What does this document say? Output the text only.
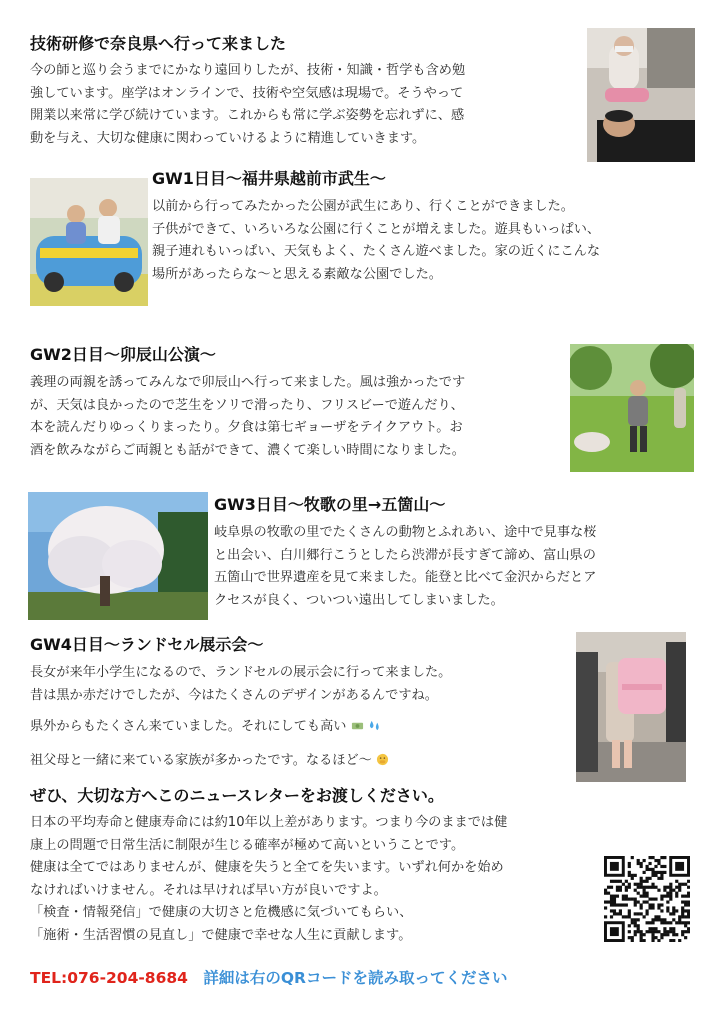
技術研修で奈良県へ行って来ました
今の師と巡り会うまでにかなり遠回りしたが、技術・知識・哲学も含め勉
強しています。座学はオンラインで、技術や空気感は現場で。そうやって
開業以来常に学び続けています。これからも常に学ぶ姿勢を忘れずに、感
動を与え、大切な健康に関わっていけるように精進していきます。
GW1日目〜福井県越前市武生〜
以前から行ってみたかった公園が武生にあり、行くことができました。
子供ができて、いろいろな公園に行くことが増えました。遊具もいっぱい、
親子連れもいっぱい、天気もよく、たくさん遊べました。家の近くにこんな
場所があったらな〜と思える素敵な公園でした。
GW2日目〜卯辰山公演〜
義理の両親を誘ってみんなで卯辰山へ行って来ました。風は強かったです
が、天気は良かったので芝生をソリで滑ったり、フリスビーで遊んだり、
本を読んだりゆっくりまったり。夕食は第七ギョーザをテイクアウト。お
酒を飲みながらご両親とも話ができて、濃くて楽しい時間になりました。
GW3日目〜牧歌の里→五箇山〜
岐阜県の牧歌の里でたくさんの動物とふれあい、途中で見事な桜
と出会い、白川郷行こうとしたら渋滞が長すぎて諦め、富山県の
五箇山で世界遺産を見て来ました。能登と比べて金沢からだとア
クセスが良く、ついつい遠出してしまいました。
GW4日目〜ランドセル展示会〜
長女が来年小学生になるので、ランドセルの展示会に行って来ました。
昔は黒か赤だけでしたが、今はたくさんのデザインがあるんですね。
県外からもたくさん来ていました。それにしても高い
祖父母と一緒に来ている家族が多かったです。なるほど〜
ぜひ、大切な方へこのニュースレターをお渡しください。
日本の平均寿命と健康寿命には約10年以上差があります。つまり今のままでは健
康上の問題で日常生活に制限が生じる確率が極めて高いということです。
健康は全てではありませんが、健康を失うと全てを失います。いずれ何かを始め
なければいけません。それは早ければ早い方が良いですよ。
「検査・情報発信」で健康の大切さと危機感に気づいてもらい、
「施術・生活習慣の見直し」で健康で幸せな人生に貢献します。
TEL:076-204-8684 詳細は右のQRコードを読み取ってください
